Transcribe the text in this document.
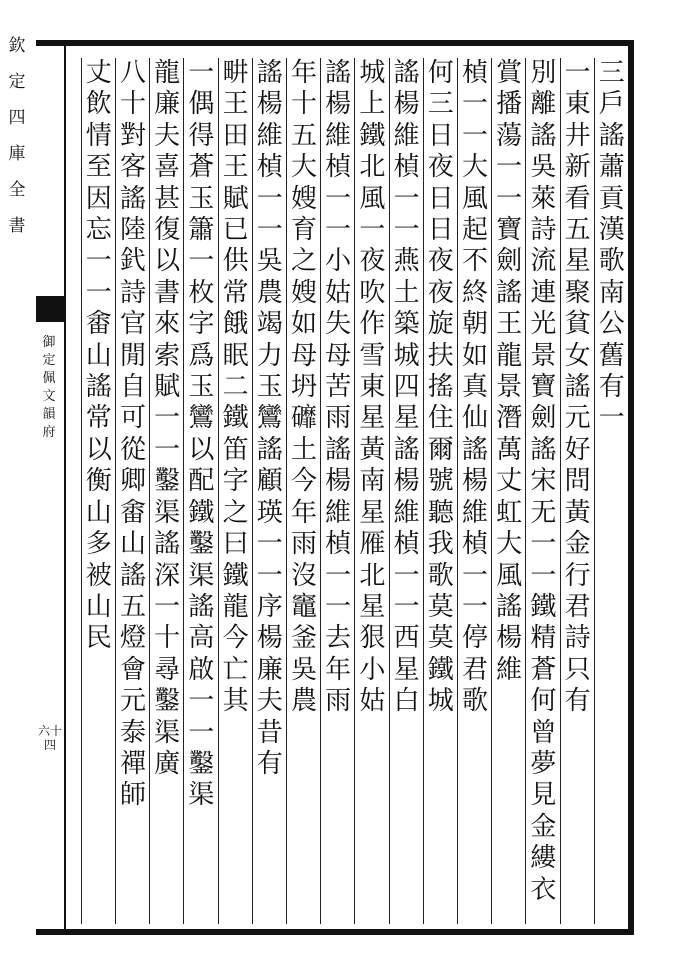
欽定四庫全書
御定佩文韻府
六十四
三
戶
謠
蕭
貢
漢
歌
南
公
舊
有
一
一
東
井
新
看
五
星
聚
貧
女
謠
元
好
問
黃
金
行
君
詩
只
有
別
離
謠
吳
萊
詩
流
連
光
景
寶
劍
謠
宋
无
一
一
鐵
精
蒼
何
曾
夢
見
金
縷
衣
賞
播
蕩
一
一
寶
劍
謠
王
龍
景
潛
萬
丈
虹
大
風
謠
楊
維
楨
一
一
大
風
起
不
終
朝
如
真
仙
謠
楊
維
楨
一
一
停
君
歌
何
三
日
夜
日
日
夜
夜
旋
扶
搖
住
爾
號
聽
我
歌
莫
莫
鐵
城
謠
楊
維
楨
一
一
燕
土
築
城
四
星
謠
楊
維
楨
一
一
西
星
白
城
上
鐵
北
風
一
夜
吹
作
雪
東
星
黃
南
星
雁
北
星
狠
小
姑
謠
楊
維
楨
一
一
小
姑
失
母
苦
雨
謠
楊
維
楨
一
一
去
年
雨
年
十
五
大
嫂
育
之
嫂
如
母
坍
䃺
土
今
年
雨
沒
竈
釜
吳
農
謠
楊
維
楨
一
一
吳
農
竭
力
玉
鸞
謠
顧
瑛
一
一
序
楊
廉
夫
昔
有
畊
王
田
王
賦
已
供
常
餓
眠
二
鐵
笛
字
之
曰
鐵
龍
今
亡
其
一
偶
得
蒼
玉
簫
一
枚
字
爲
玉
鸞
以
配
鐵
鑿
渠
謠
高
啟
一
一
鑿
渠
龍
廉
夫
喜
甚
復
以
書
來
索
賦
一
一
鑿
渠
謠
深
一
十
尋
鑿
渠
廣
八
十
對
客
謠
陸
釴
詩
官
閒
自
可
從
卿
畬
山
謠
五
燈
會
元
泰
禪
師
丈
飲
情
至
因
忘
一
一
畬
山
謠
常
以
衡
山
多
被
山
民
